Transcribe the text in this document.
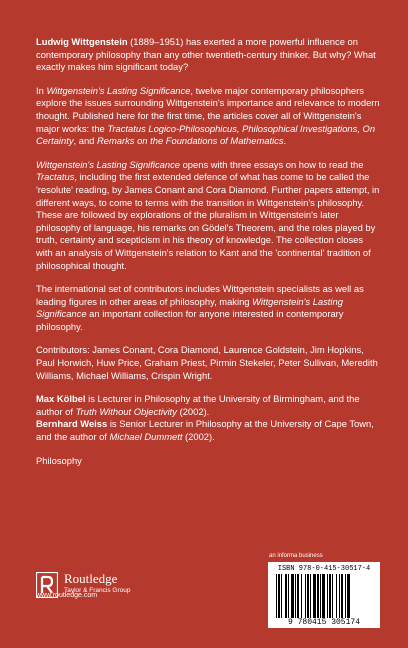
Ludwig Wittgenstein (1889–1951) has exerted a more powerful influence on contemporary philosophy than any other twentieth-century thinker. But why? What exactly makes him significant today?

In Wittgenstein's Lasting Significance, twelve major contemporary philosophers explore the issues surrounding Wittgenstein's importance and relevance to modern thought. Published here for the first time, the articles cover all of Wittgenstein's major works: the Tractatus Logico-Philosophicus, Philosophical Investigations, On Certainty, and Remarks on the Foundations of Mathematics.

Wittgenstein's Lasting Significance opens with three essays on how to read the Tractatus, including the first extended defence of what has come to be called the 'resolute' reading, by James Conant and Cora Diamond. Further papers attempt, in different ways, to come to terms with the transition in Wittgenstein's philosophy. These are followed by explorations of the pluralism in Wittgenstein's later philosophy of language, his remarks on Gödel's Theorem, and the roles played by truth, certainty and scepticism in his theory of knowledge. The collection closes with an analysis of Wittgenstein's relation to Kant and the 'continental' tradition of philosophical thought.

The international set of contributors includes Wittgenstein specialists as well as leading figures in other areas of philosophy, making Wittgenstein's Lasting Significance an important collection for anyone interested in contemporary philosophy.

Contributors: James Conant, Cora Diamond, Laurence Goldstein, Jim Hopkins, Paul Horwich, Huw Price, Graham Priest, Pirmin Stekeler, Peter Sullivan, Meredith Williams, Michael Williams, Crispin Wright.

Max Kölbel is Lecturer in Philosophy at the University of Birmingham, and the author of Truth Without Objectivity (2002).
Bernhard Weiss is Senior Lecturer in Philosophy at the University of Cape Town, and the author of Michael Dummett (2002).

Philosophy

Routledge
Taylor & Francis Group
www.routledge.com
an informa business
ISBN 978-0-415-30517-4
9 780415 305174
